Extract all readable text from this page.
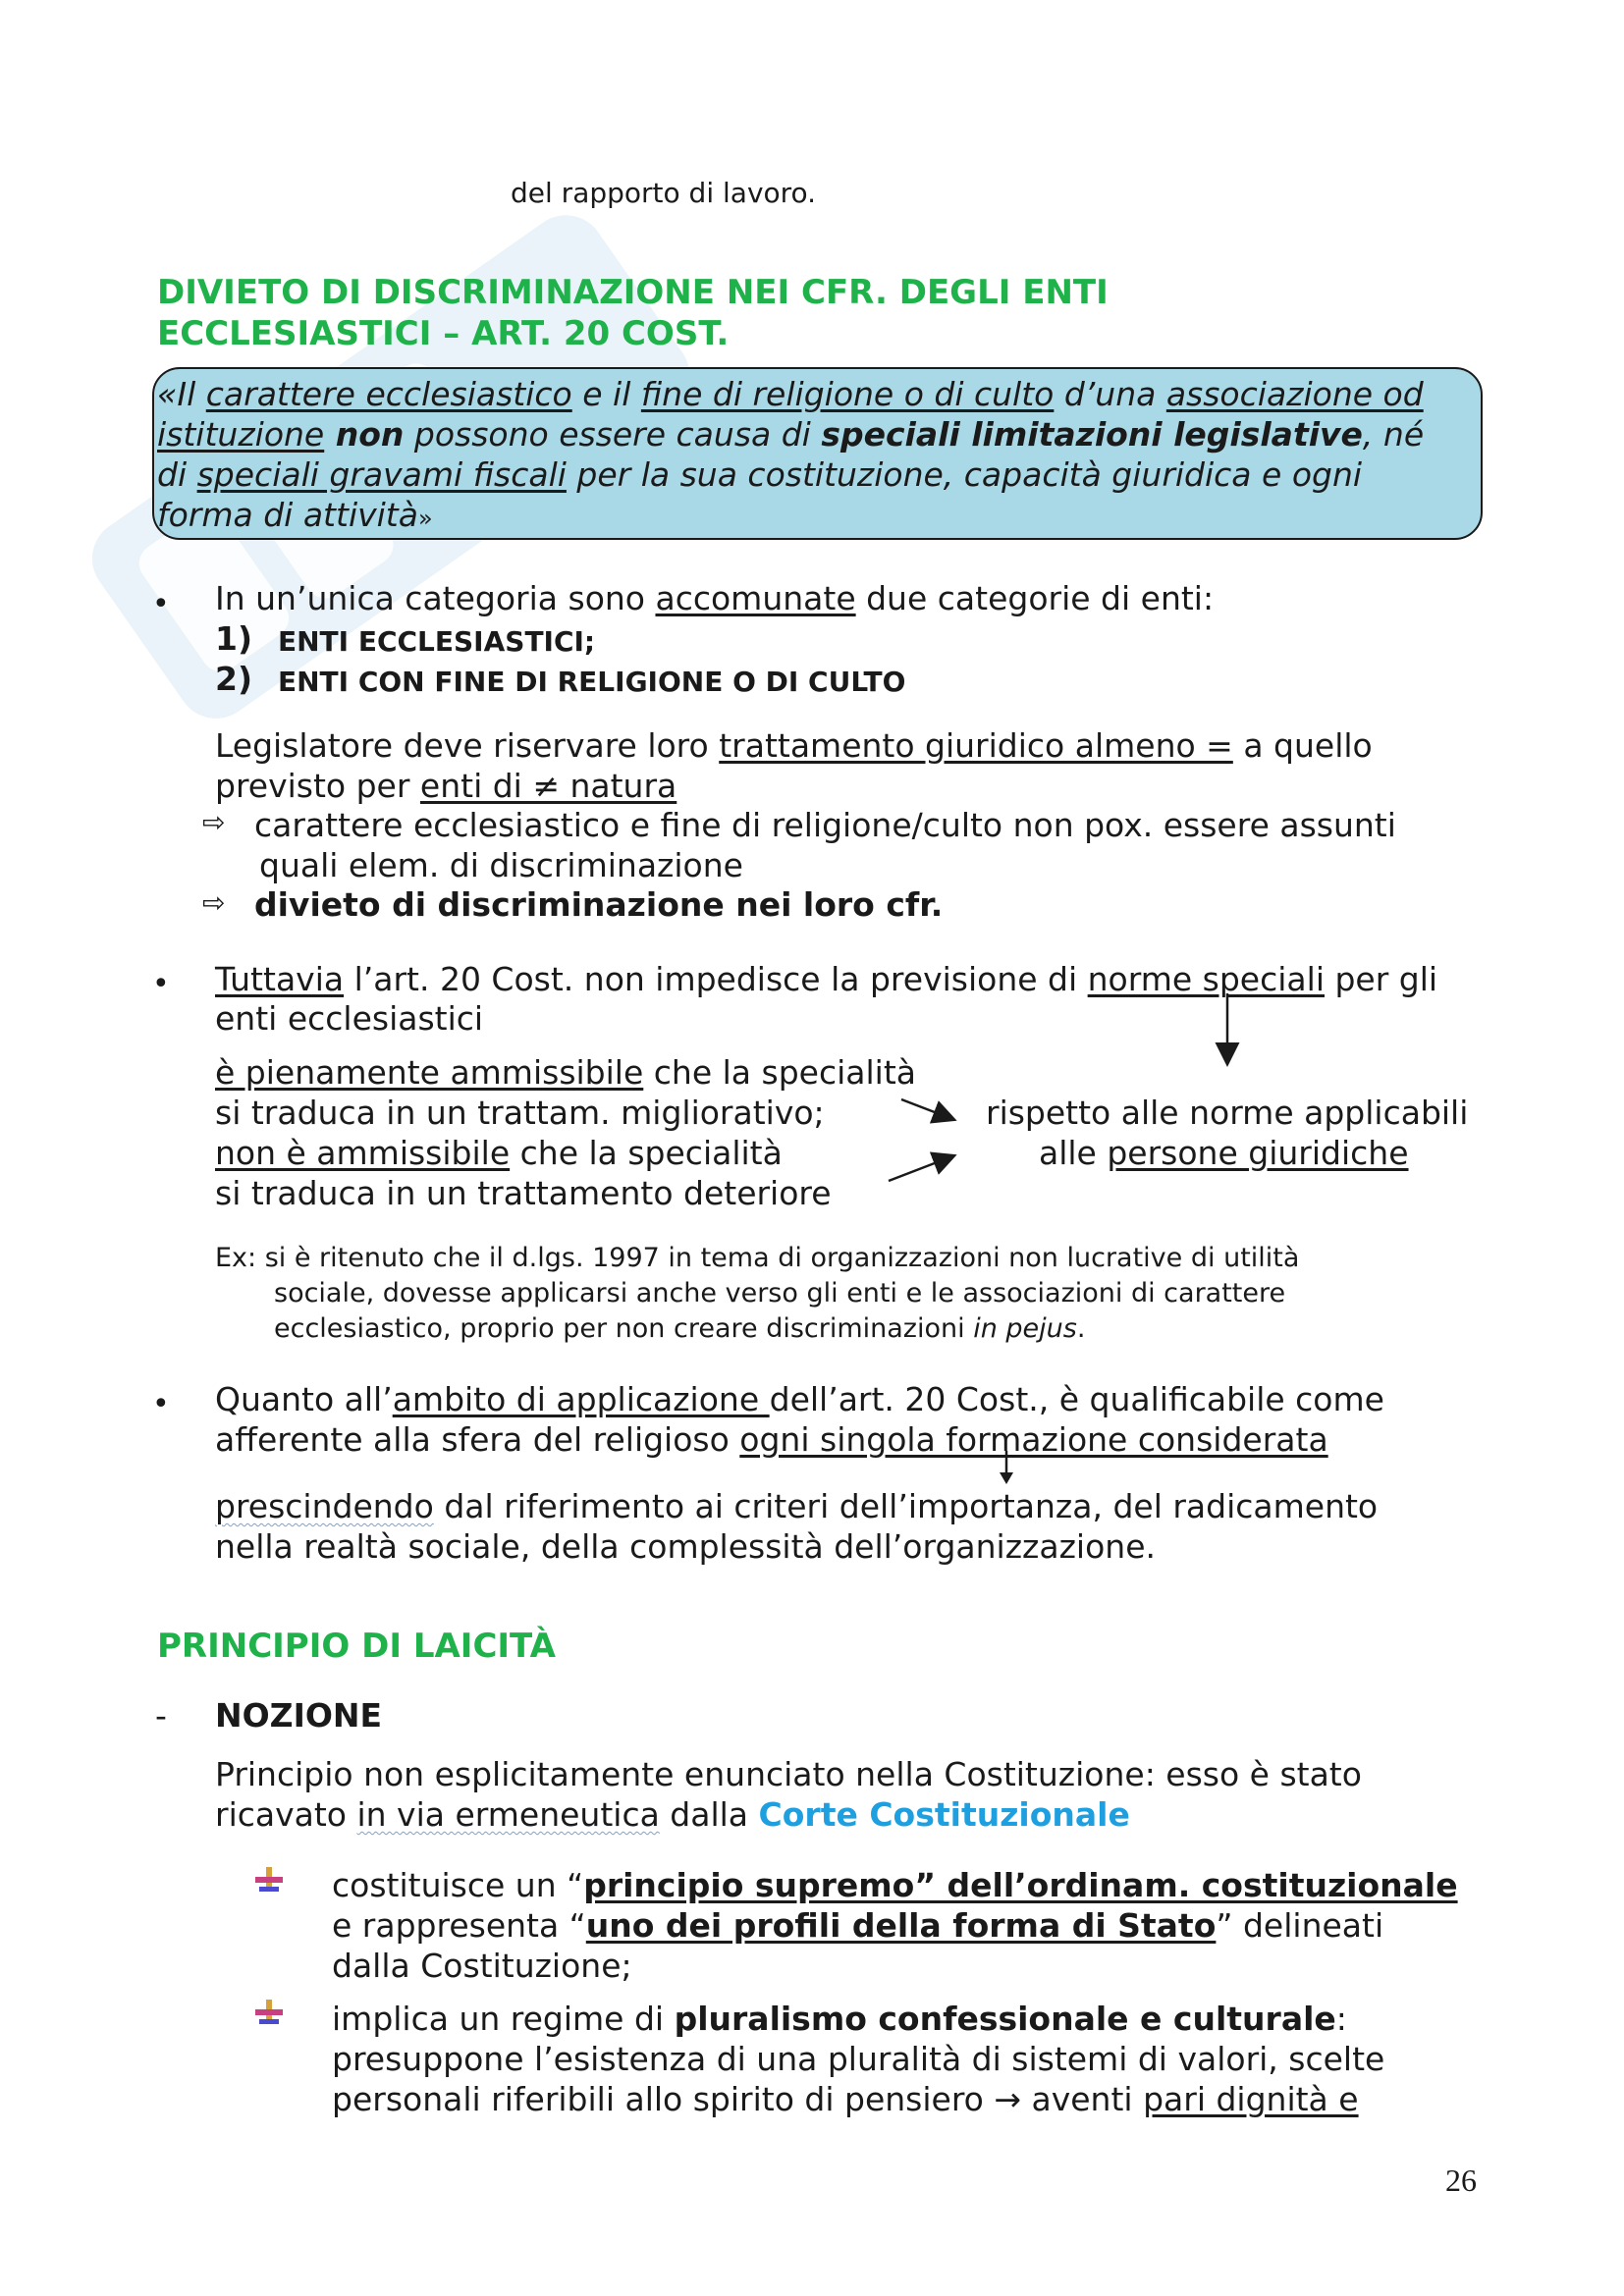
del rapporto di lavoro.
DIVIETO DI DISCRIMINAZIONE NEI CFR. DEGLI ENTI
ECCLESIASTICI – ART. 20 COST.
«Il carattere ecclesiastico e il fine di religione o di culto d’una associazione od
istituzione non possono essere causa di speciali limitazioni legislative, né
di speciali gravami fiscali per la sua costituzione, capacità giuridica e ogni
forma di attività»
• In un’unica categoria sono accomunate due categorie di enti:
1) ENTI ECCLESIASTICI;
2) ENTI CON FINE DI RELIGIONE O DI CULTO
Legislatore deve riservare loro trattamento giuridico almeno = a quello
previsto per enti di ≠ natura
⇨ carattere ecclesiastico e fine di religione/culto non pox. essere assunti
quali elem. di discriminazione
⇨ divieto di discriminazione nei loro cfr.
• Tuttavia l’art. 20 Cost. non impedisce la previsione di norme speciali per gli
enti ecclesiastici
è pienamente ammissibile che la specialità
si traduca in un trattam. migliorativo;
non è ammissibile che la specialità
si traduca in un trattamento deteriore
rispetto alle norme applicabili
alle persone giuridiche
Ex: si è ritenuto che il d.lgs. 1997 in tema di organizzazioni non lucrative di utilità
sociale, dovesse applicarsi anche verso gli enti e le associazioni di carattere
ecclesiastico, proprio per non creare discriminazioni in pejus.
• Quanto all’ambito di applicazione dell’art. 20 Cost., è qualificabile come
afferente alla sfera del religioso ogni singola formazione considerata
prescindendo dal riferimento ai criteri dell’importanza, del radicamento
nella realtà sociale, della complessità dell’organizzazione.
PRINCIPIO DI LAICITÀ
- NOZIONE
Principio non esplicitamente enunciato nella Costituzione: esso è stato
ricavato in via ermeneutica dalla Corte Costituzionale
costituisce un “principio supremo” dell’ordinam. costituzionale
e rappresenta “uno dei profili della forma di Stato” delineati
dalla Costituzione;
implica un regime di pluralismo confessionale e culturale:
presuppone l’esistenza di una pluralità di sistemi di valori, scelte
personali riferibili allo spirito di pensiero → aventi pari dignità e
26
